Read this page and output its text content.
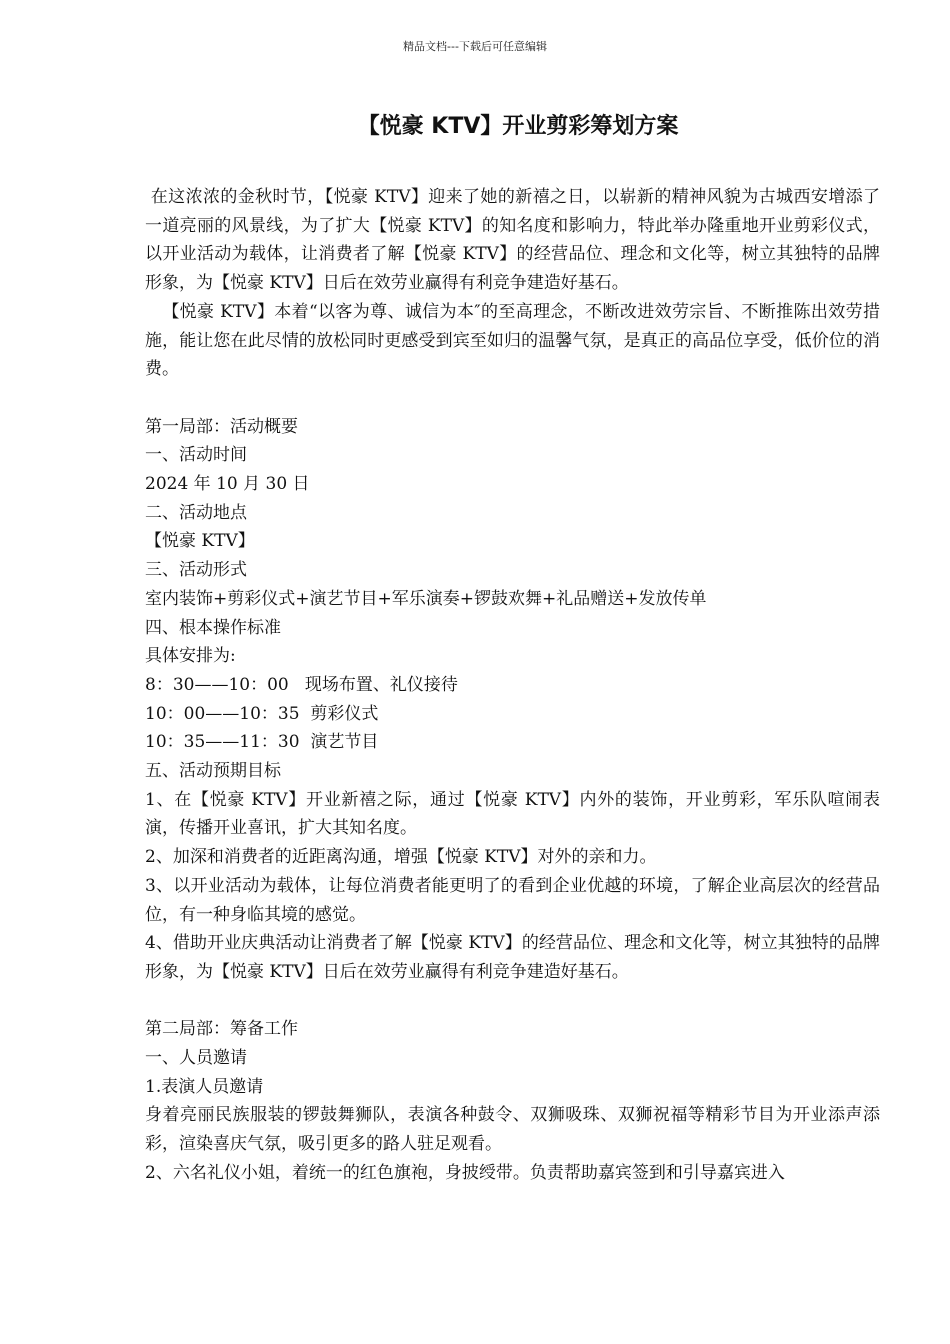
精品文档---下载后可任意编辑
【悦豪 KTV】开业剪彩筹划方案

在这浓浓的金秋时节，【悦豪 KTV】迎来了她的新禧之日，以崭新的精神风貌为古城西安增添了一道亮丽的风景线，为了扩大【悦豪 KTV】的知名度和影响力，特此举办隆重地开业剪彩仪式，以开业活动为载体，让消费者了解【悦豪 KTV】的经营品位、理念和文化等，树立其独特的品牌形象，为【悦豪 KTV】日后在效劳业赢得有利竞争建造好基石。

【悦豪 KTV】本着“以客为尊、诚信为本″的至高理念，不断改进效劳宗旨、不断推陈出效劳措施，能让您在此尽情的放松同时更感受到宾至如归的温馨气氛，是真正的高品位享受，低价位的消费。

第一局部：活动概要

一、活动时间

2024 年 10 月 30 日

二、活动地点

【悦豪 KTV】

三、活动形式

室内装饰+剪彩仪式+演艺节目+军乐演奏+锣鼓欢舞+礼品赠送+发放传单

四、根本操作标准

具体安排为:

8：30——10：00   现场布置、礼仪接待

10：00——10：35  剪彩仪式

10：35——11：30  演艺节目

五、活动预期目标

1、在【悦豪 KTV】开业新禧之际，通过【悦豪 KTV】内外的装饰，开业剪彩，军乐队喧闹表演，传播开业喜讯，扩大其知名度。

2、加深和消费者的近距离沟通，增强【悦豪 KTV】对外的亲和力。

3、以开业活动为载体，让每位消费者能更明了的看到企业优越的环境，了解企业高层次的经营品位，有一种身临其境的感觉。

4、借助开业庆典活动让消费者了解【悦豪 KTV】的经营品位、理念和文化等，树立其独特的品牌形象，为【悦豪 KTV】日后在效劳业赢得有利竞争建造好基石。

第二局部：筹备工作

一、人员邀请

1.表演人员邀请

身着亮丽民族服装的锣鼓舞狮队，表演各种鼓令、双狮吸珠、双狮祝福等精彩节目为开业添声添彩，渲染喜庆气氛，吸引更多的路人驻足观看。

2、六名礼仪小姐，着统一的红色旗袍，身披绶带。负责帮助嘉宾签到和引导嘉宾进入
